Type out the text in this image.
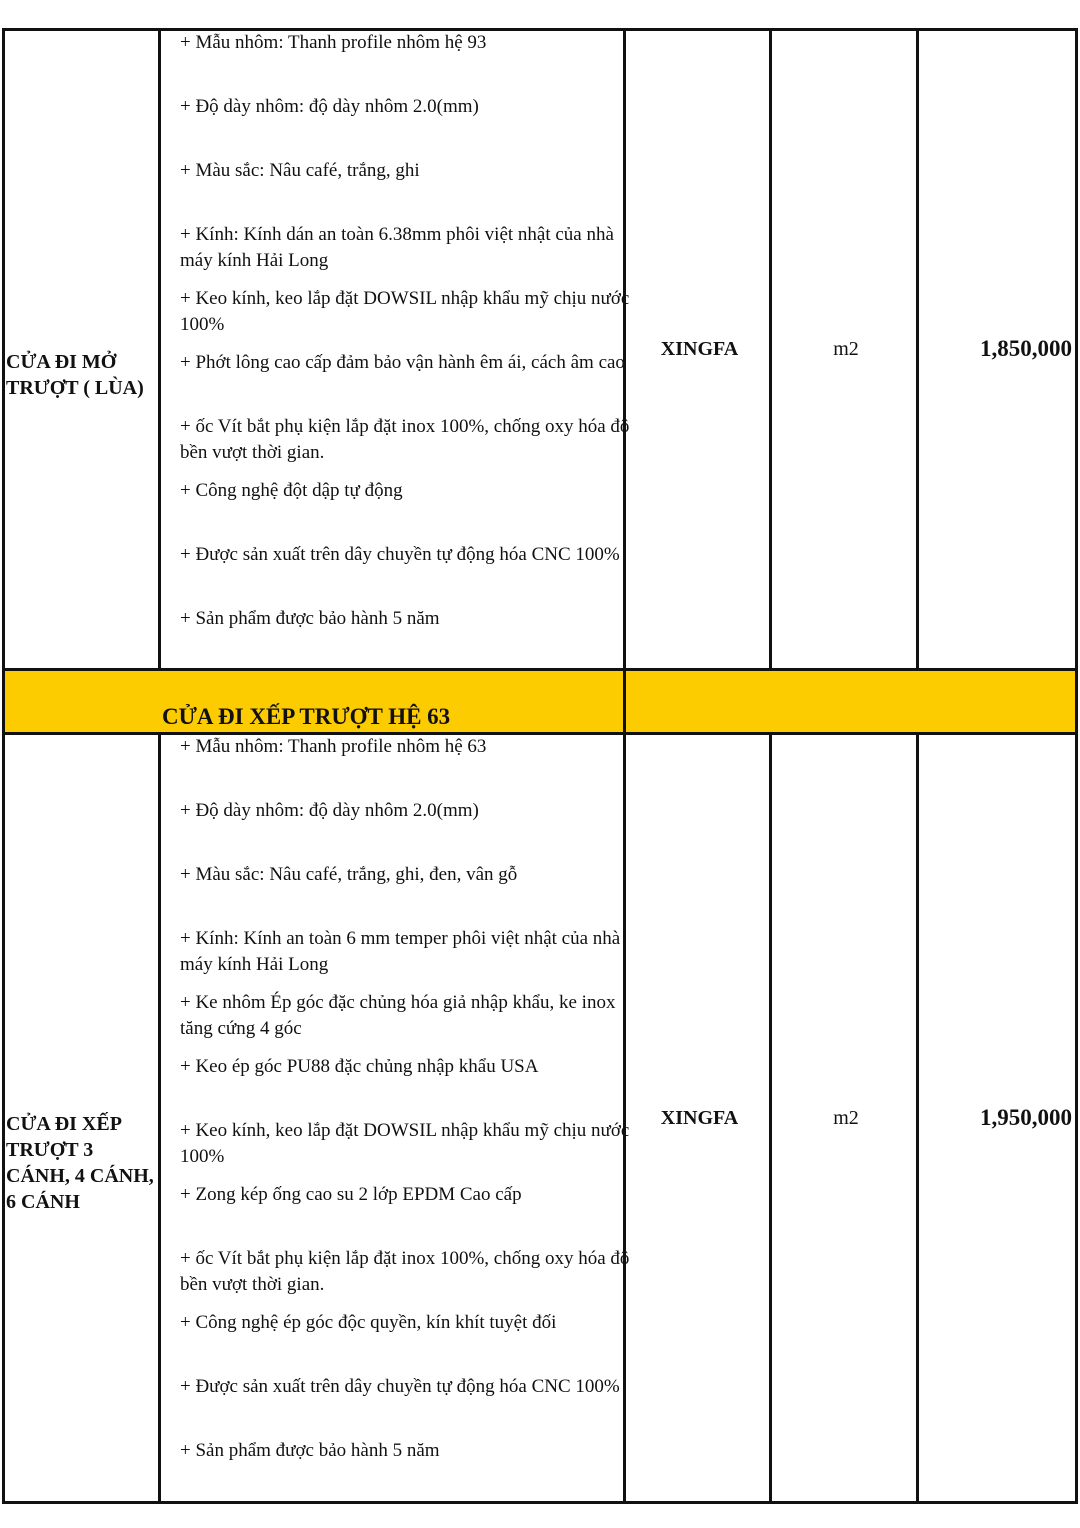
CỬA ĐI MỞ TRƯỢT ( LÙA)
+ Mẫu nhôm: Thanh profile nhôm hệ 93
+ Độ dày nhôm: độ dày nhôm 2.0(mm)
+ Màu sắc: Nâu café, trắng, ghi
+ Kính: Kính dán an toàn 6.38mm phôi việt nhật của nhà máy kính Hải Long
+ Keo kính, keo lắp đặt DOWSIL nhập khẩu mỹ chịu nước 100%
+ Phớt lông cao cấp đảm bảo vận hành êm ái, cách âm cao
+ ốc Vít bắt phụ kiện lắp đặt inox 100%, chống oxy hóa độ bền vượt thời gian.
+ Công nghệ đột dập tự động
+ Được sản xuất trên dây chuyền tự động hóa CNC 100%
+ Sản phẩm được bảo hành 5 năm
XINGFA	m2	1,850,000
CỬA ĐI XẾP TRƯỢT HỆ 63
CỬA ĐI XẾP TRƯỢT 3 CÁNH, 4 CÁNH, 6 CÁNH
+ Mẫu nhôm: Thanh profile nhôm hệ 63
+ Độ dày nhôm: độ dày nhôm 2.0(mm)
+ Màu sắc: Nâu café, trắng, ghi, đen, vân gỗ
+ Kính: Kính an toàn 6 mm temper phôi việt nhật của nhà máy kính Hải Long
+ Ke nhôm Ép góc đặc chủng hóa giả nhập khẩu, ke inox tăng cứng 4 góc
+ Keo ép góc PU88 đặc chủng nhập khẩu USA
+ Keo kính, keo lắp đặt DOWSIL nhập khẩu mỹ chịu nước 100%
+ Zong kép ống cao su 2 lớp EPDM Cao cấp
+ ốc Vít bắt phụ kiện lắp đặt inox 100%, chống oxy hóa độ bền vượt thời gian.
+ Công nghệ ép góc độc quyền, kín khít tuyệt đối
+ Được sản xuất trên dây chuyền tự động hóa CNC 100%
+ Sản phẩm được bảo hành 5 năm
XINGFA	m2	1,950,000
